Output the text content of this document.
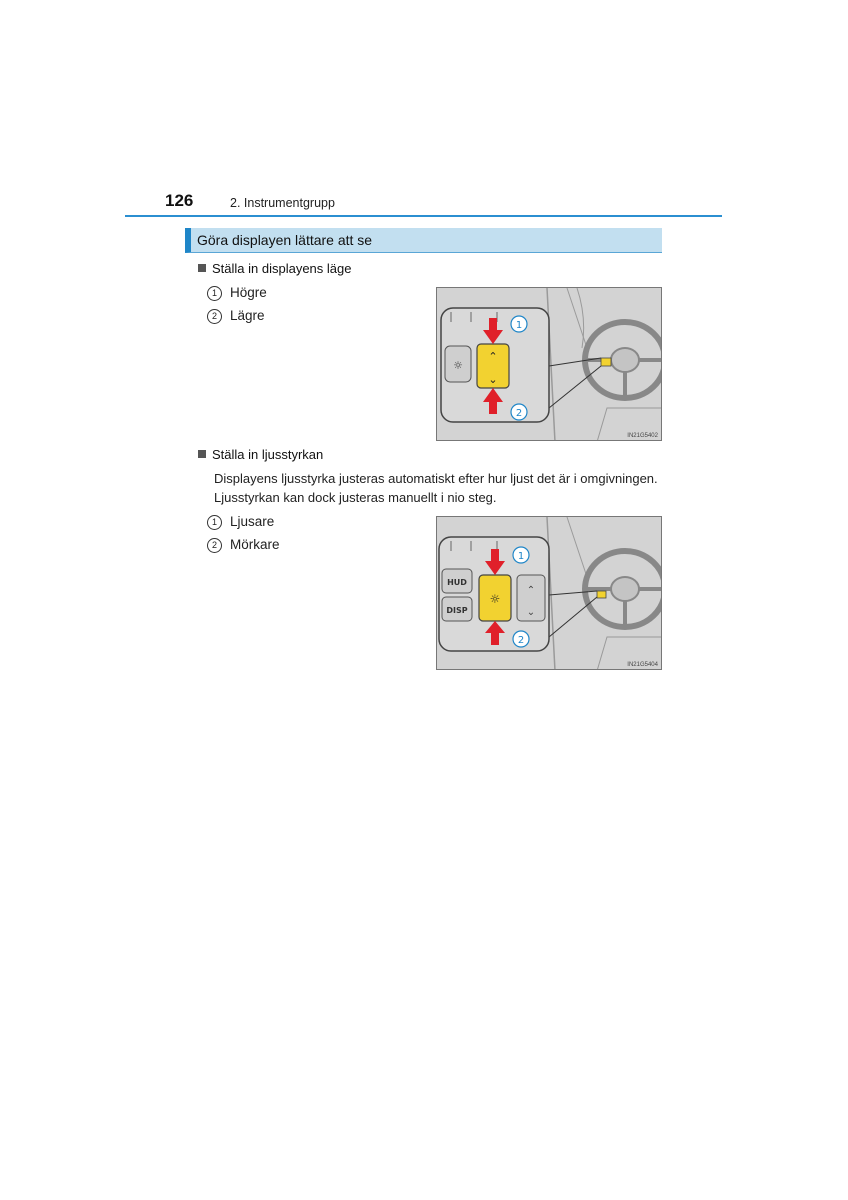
126	2. Instrumentgrupp
Göra displayen lättare att se
Ställa in displayens läge
1 Högre
2 Lägre
☼
⌃
⌄
1
2
IN21G5402
Ställa in ljusstyrkan
Displayens ljusstyrka justeras automatiskt efter hur ljust det är i omgivningen.
Ljusstyrkan kan dock justeras manuellt i nio steg.
1 Ljusare
2 Mörkare
HUD
DISP
☼
⌃
⌄
1
2
IN21G5404
